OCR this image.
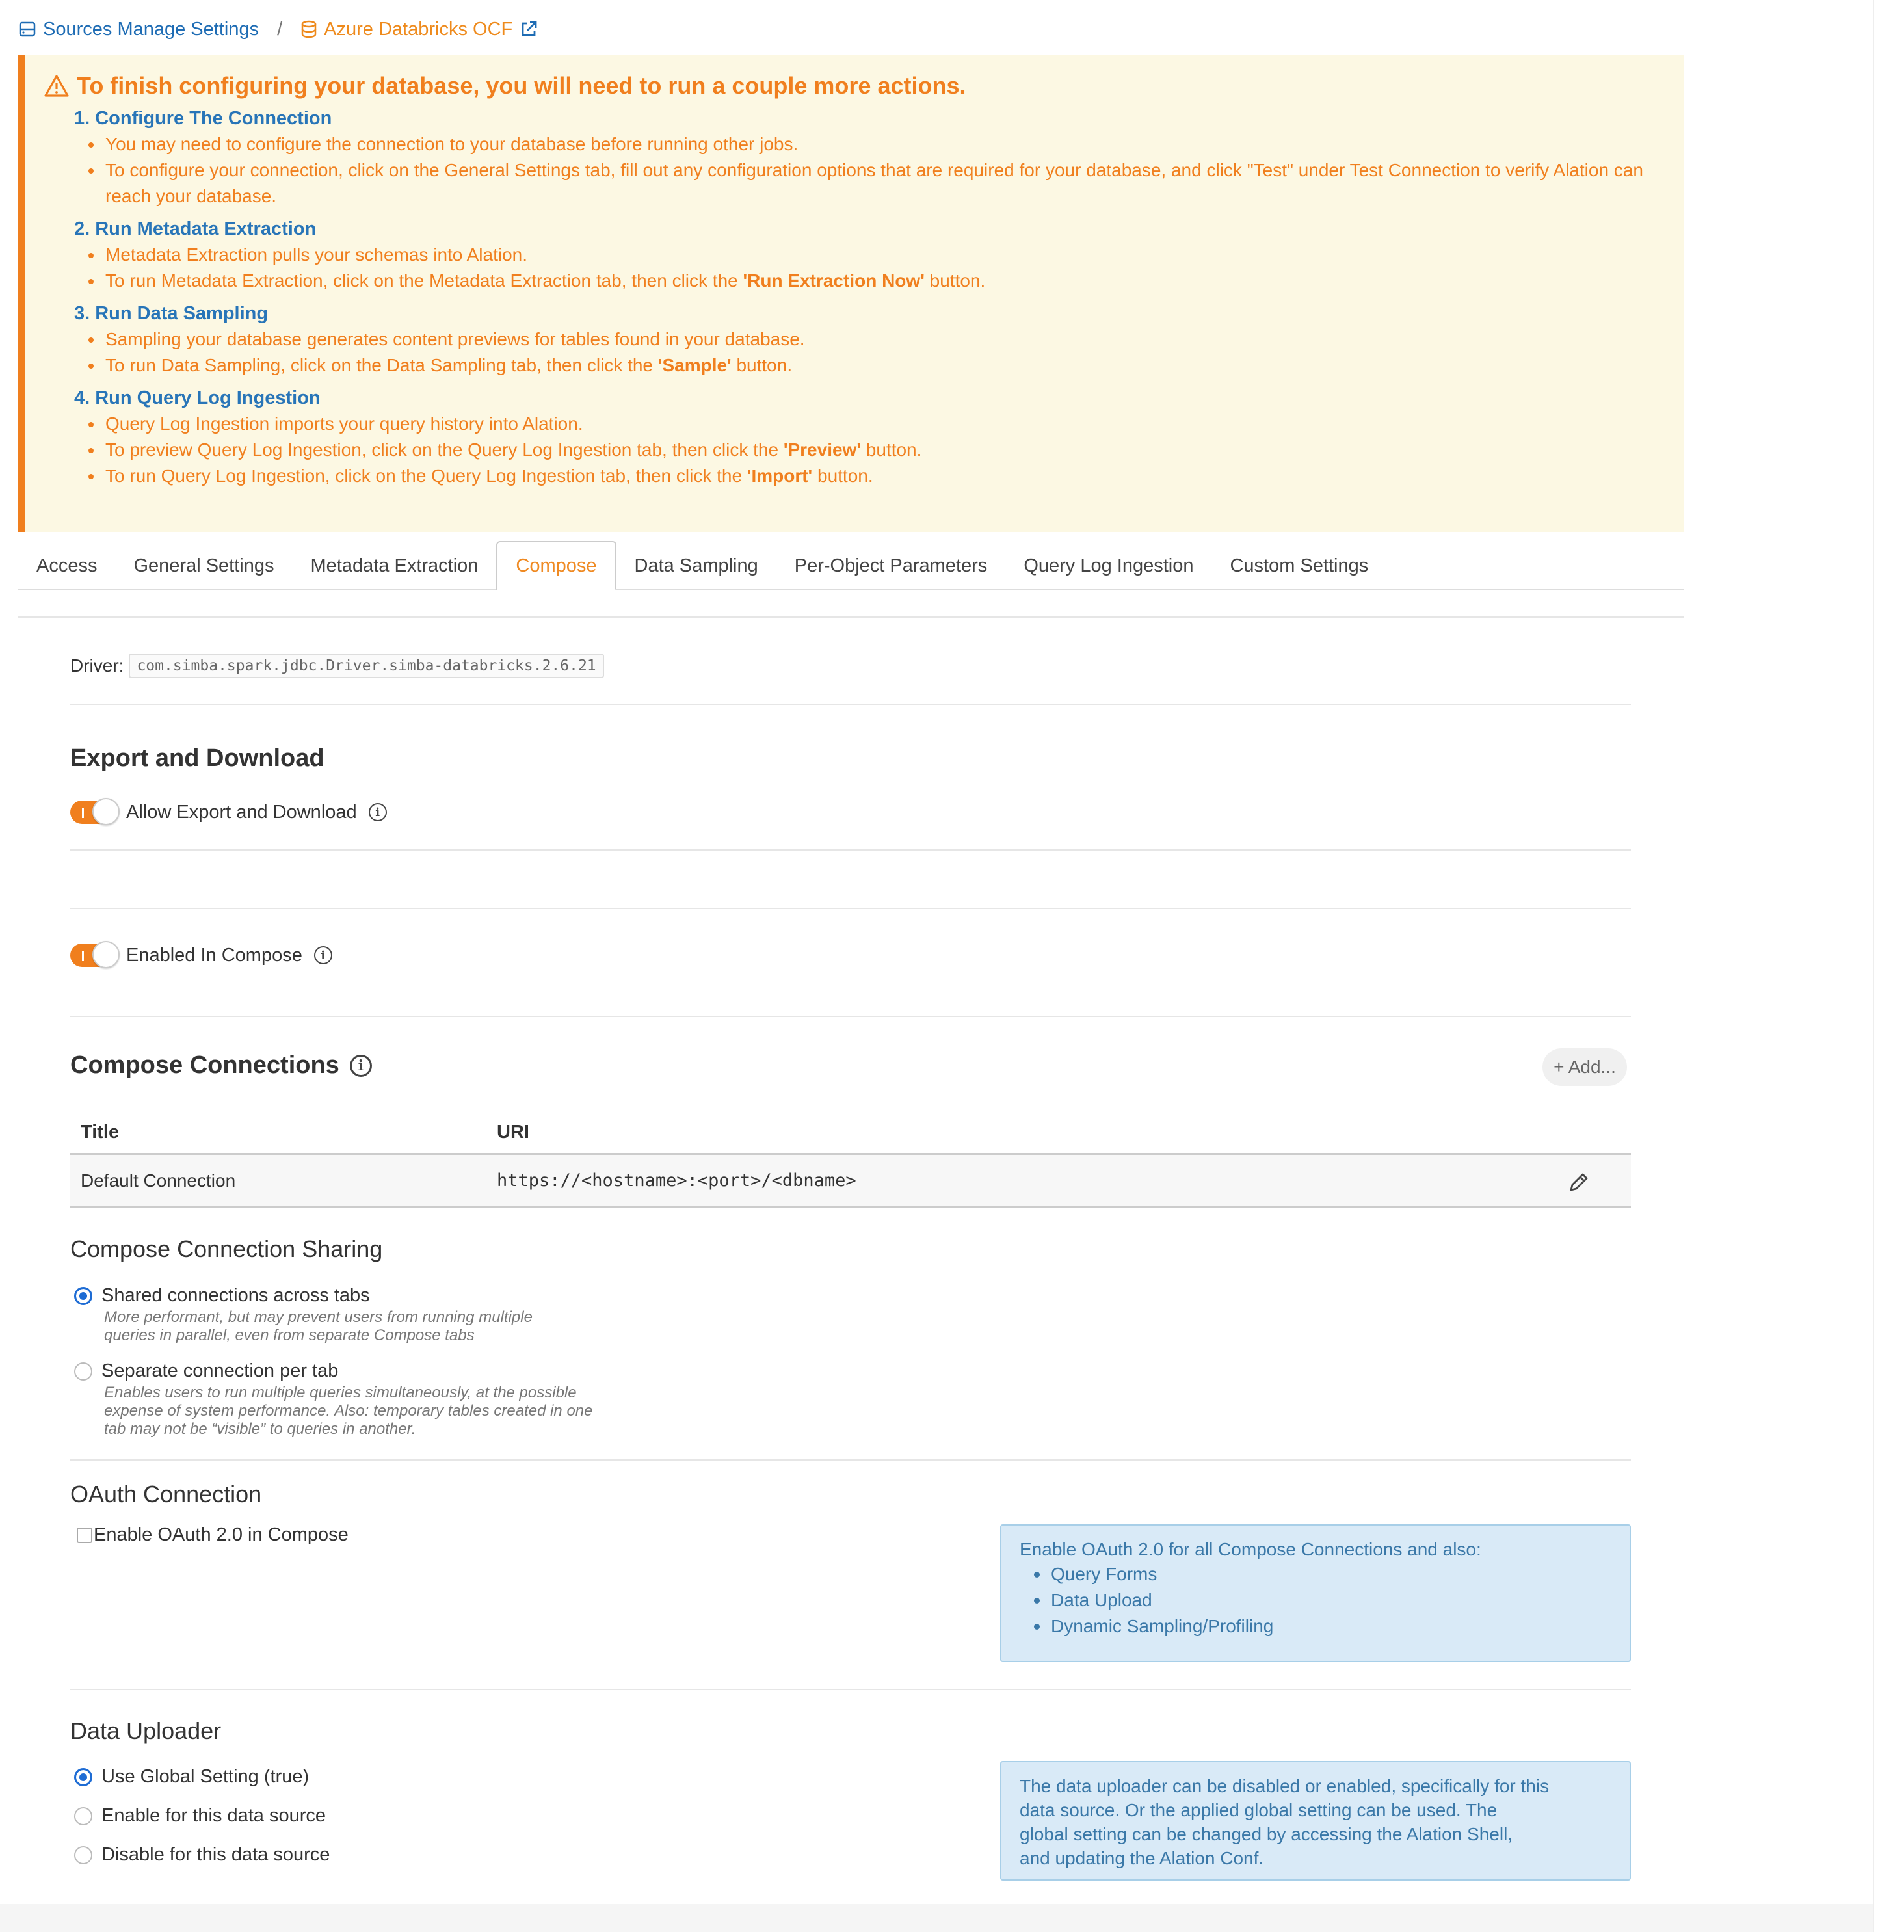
Sources Manage Settings / Azure Databricks OCF
To finish configuring your database, you will need to run a couple more actions.
1. Configure The Connection
You may need to configure the connection to your database before running other jobs.
To configure your connection, click on the General Settings tab, fill out any configuration options that are required for your database, and click "Test" under Test Connection to verify Alation can reach your database.
2. Run Metadata Extraction
Metadata Extraction pulls your schemas into Alation.
To run Metadata Extraction, click on the Metadata Extraction tab, then click the 'Run Extraction Now' button.
3. Run Data Sampling
Sampling your database generates content previews for tables found in your database.
To run Data Sampling, click on the Data Sampling tab, then click the 'Sample' button.
4. Run Query Log Ingestion
Query Log Ingestion imports your query history into Alation.
To preview Query Log Ingestion, click on the Query Log Ingestion tab, then click the 'Preview' button.
To run Query Log Ingestion, click on the Query Log Ingestion tab, then click the 'Import' button.
Access	General Settings	Metadata Extraction	Compose	Data Sampling	Per-Object Parameters	Query Log Ingestion	Custom Settings
Driver: com.simba.spark.jdbc.Driver.simba-databricks.2.6.21
Export and Download
Allow Export and Download	i
Enabled In Compose	i
Compose Connections	i	+ Add...
Title	URI
Default Connection	https://<hostname>:<port>/<dbname>
Compose Connection Sharing
Shared connections across tabs
More performant, but may prevent users from running multiple
queries in parallel, even from separate Compose tabs
Separate connection per tab
Enables users to run multiple queries simultaneously, at the possible
expense of system performance. Also: temporary tables created in one
tab may not be “visible” to queries in another.
OAuth Connection
Enable OAuth 2.0 in Compose
Enable OAuth 2.0 for all Compose Connections and also:
Query Forms
Data Upload
Dynamic Sampling/Profiling
Data Uploader
Use Global Setting (true)
Enable for this data source
Disable for this data source
The data uploader can be disabled or enabled, specifically for this
data source. Or the applied global setting can be used. The
global setting can be changed by accessing the Alation Shell,
and updating the Alation Conf.
